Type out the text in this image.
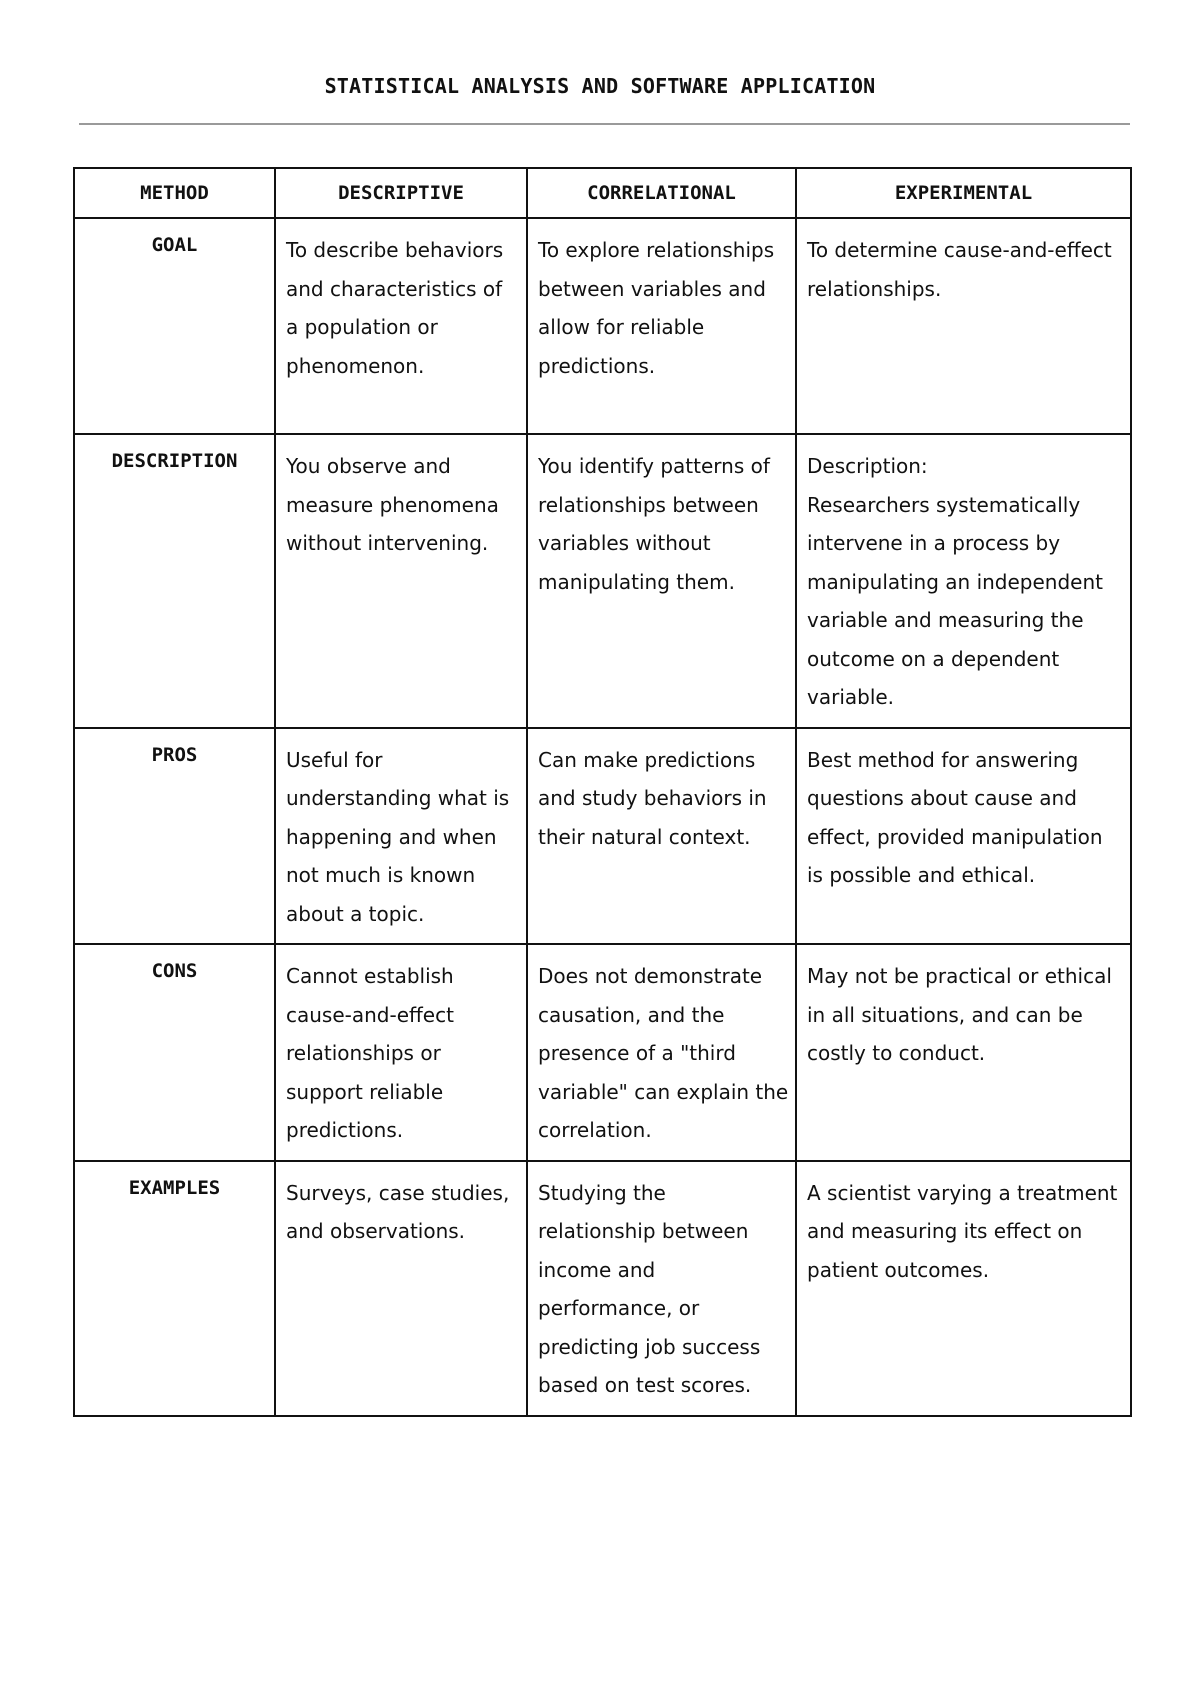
STATISTICAL ANALYSIS AND SOFTWARE APPLICATION
METHOD	DESCRIPTIVE	CORRELATIONAL	EXPERIMENTAL
GOAL	To describe behaviors and characteristics of a population or phenomenon.	To explore relationships between variables and allow for reliable predictions.	To determine cause-and-effect relationships.
DESCRIPTION	You observe and measure phenomena without intervening.	You identify patterns of relationships between variables without manipulating them.	Description:
Researchers systematically intervene in a process by manipulating an independent variable and measuring the outcome on a dependent variable.

PROS	Useful for understanding what is happening and when not much is known about a topic.	Can make predictions and study behaviors in their natural context.	Best method for answering questions about cause and effect, provided manipulation is possible and ethical.
CONS	Cannot establish cause-and-effect relationships or support reliable predictions.	Does not demonstrate causation, and the presence of a "third variable" can explain the correlation.	May not be practical or ethical in all situations, and can be costly to conduct.
EXAMPLES	Surveys, case studies, and observations.	Studying the relationship between income and performance, or predicting job success based on test scores.	A scientist varying a treatment and measuring its effect on patient outcomes.
